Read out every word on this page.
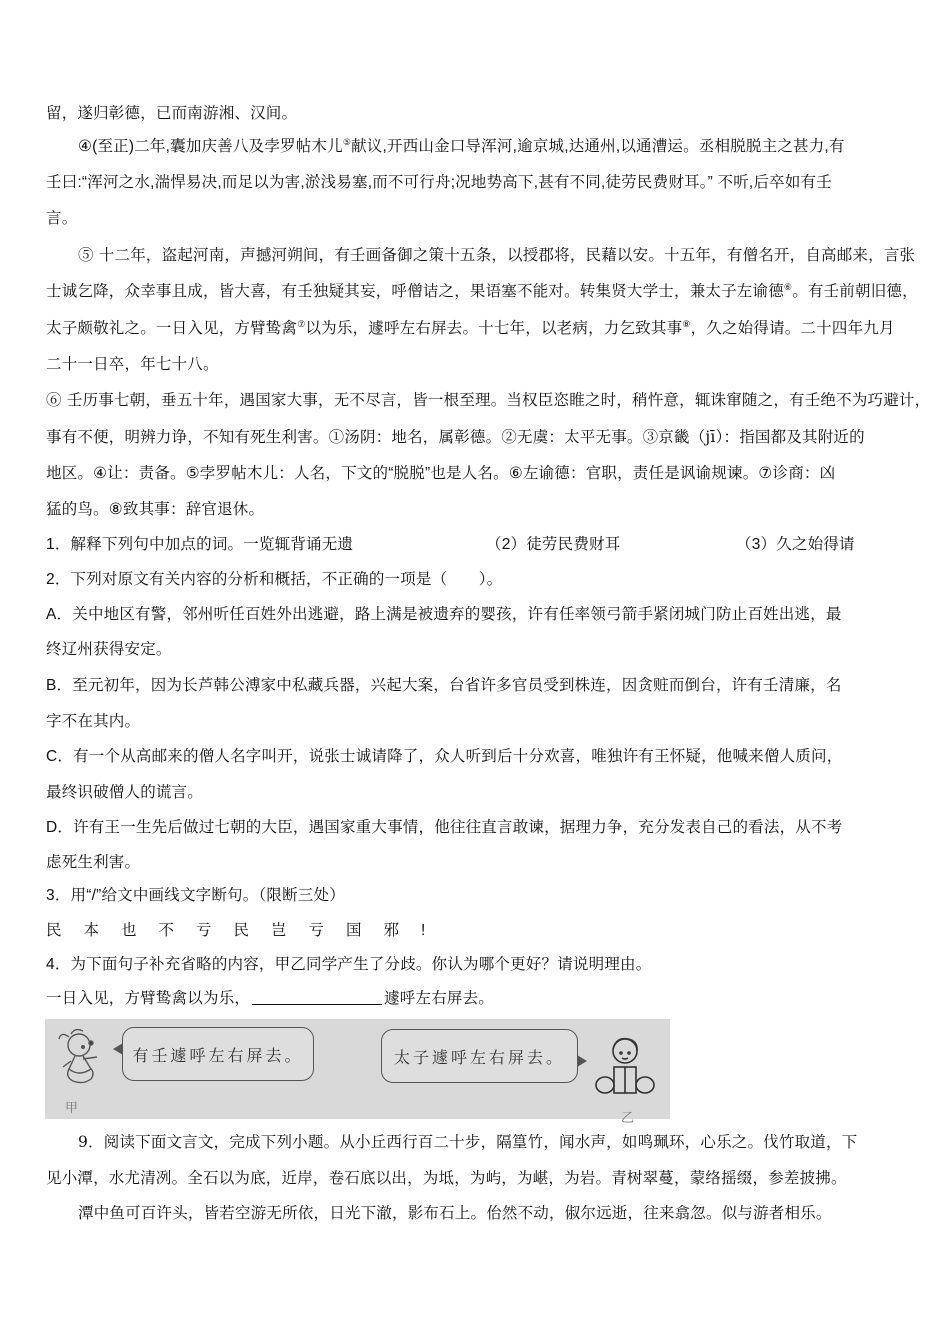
留，遂归彰德，已而南游湘、汉间。
④(至正)二年,囊加庆善八及孛罗帖木儿⑤献议,开西山金口导浑河,逾京城,达通州,以通漕运。丞相脱脱主之甚力,有
壬曰:“浑河之水,湍悍易决,而足以为害,淤浅易塞,而不可行舟;况地势高下,甚有不同,徒劳民费财耳。” 不听,后卒如有壬
言。
⑤ 十二年，盗起河南，声撼河朔间，有壬画备御之策十五条，以授郡将，民藉以安。十五年，有僧名开，自高邮来，言张
士诚乞降，众幸事且成，皆大喜，有壬独疑其妄，呼僧诘之，果语塞不能对。转集贤大学士，兼太子左谕德⑥。有壬前朝旧德，
太子颇敬礼之。一日入见，方臂鸷禽⑦以为乐，遽呼左右屏去。十七年，以老病，力乞致其事⑧，久之始得请。二十四年九月
二十一日卒，年七十八。
⑥ 壬历事七朝，垂五十年，遇国家大事，无不尽言，皆一根至理。当权臣恣睢之时，稍忤意，辄诛窜随之，有壬绝不为巧避计，
事有不便，明辨力诤，不知有死生利害。①汤阴：地名，属彰德。②无虞：太平无事。③京畿（jī）：指国都及其附近的
地区。④让：责备。⑤孛罗帖木儿：人名，下文的“脱脱”也是人名。⑥左谕德：官职，责任是讽谕规谏。⑦诊商：凶
猛的鸟。⑧致其事：辞官退休。
1．解释下列句中加点的词。一览辄背诵无遗	（2）徒劳民费财耳	（3）久之始得请
2．下列对原文有关内容的分析和概括，不正确的一项是（　　）。
A．关中地区有警，邻州听任百姓外出逃避，路上满是被遗弃的婴孩，许有任率领弓箭手紧闭城门防止百姓出逃，最
终辽州获得安定。
B．至元初年，因为长芦韩公溥家中私藏兵器，兴起大案，台省许多官员受到株连，因贪赃而倒台，许有壬清廉，名
字不在其内。
C．有一个从高邮来的僧人名字叫开，说张士诚请降了，众人听到后十分欢喜，唯独许有王怀疑，他喊来僧人质问，
最终识破僧人的谎言。
D．许有王一生先后做过七朝的大臣，遇国家重大事情，他往往直言敢谏，据理力争，充分发表自己的看法，从不考
虑死生利害。
3．用“/”给文中画线文字断句。（限断三处）
民本也不亏民岂亏国邪!
4．为下面句子补充省略的内容，甲乙同学产生了分歧。你认为哪个更好？请说明理由。
一日入见，方臂鸷禽以为乐，	遽呼左右屏去。
甲
有壬遽呼左右屏去。	太子遽呼左右屏去。
乙
9．阅读下面文言文，完成下列小题。从小丘西行百二十步，隔篁竹，闻水声，如鸣珮环，心乐之。伐竹取道，下
见小潭，水尤清冽。全石以为底，近岸，卷石底以出，为坻，为屿，为嵁，为岩。青树翠蔓，蒙络摇缀，参差披拂。
潭中鱼可百许头，皆若空游无所依，日光下澈，影布石上。佁然不动，俶尔远逝，往来翕忽。似与游者相乐。
